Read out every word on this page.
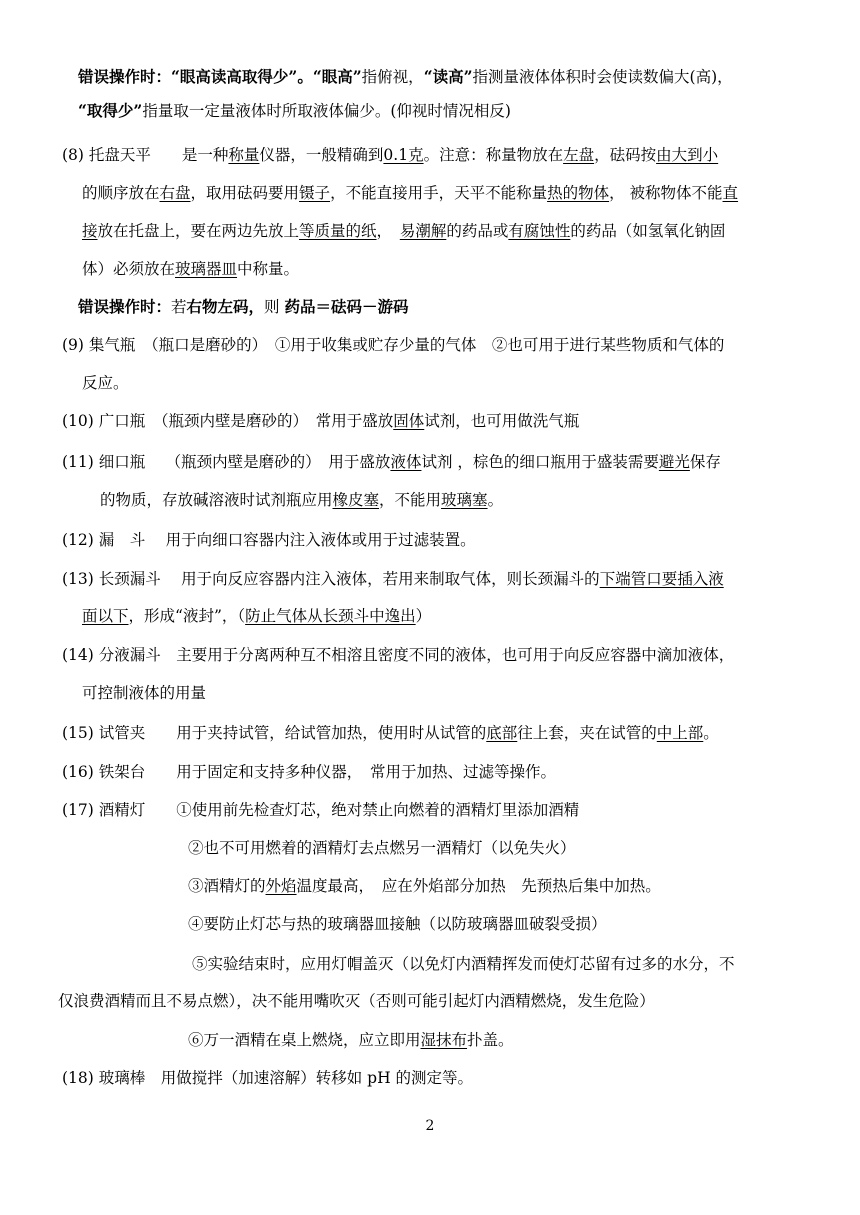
错误操作时：“眼高读高取得少”。“眼高”指俯视，“读高”指测量液体体积时会使读数偏大(高)，
“取得少”指量取一定量液体时所取液体偏少。(仰视时情况相反)
(8) 托盘天平　　是一种称量仪器，一般精确到0.1克。注意：称量物放在左盘，砝码按由大到小
的顺序放在右盘，取用砝码要用镊子，不能直接用手，天平不能称量热的物体， 被称物体不能直
接放在托盘上，要在两边先放上等质量的纸，　易潮解的药品或有腐蚀性的药品（如氢氧化钠固
体）必须放在玻璃器皿中称量。
错误操作时：若右物左码，则 药品＝砝码－游码
(9) 集气瓶　（瓶口是磨砂的）　①用于收集或贮存少量的气体　②也可用于进行某些物质和气体的
反应。
(10) 广口瓶　（瓶颈内壁是磨砂的）　常用于盛放固体试剂，也可用做洗气瓶
(11) 细口瓶　 （瓶颈内壁是磨砂的）　用于盛放液体试剂 ，棕色的细口瓶用于盛装需要避光保存
的物质，存放碱溶液时试剂瓶应用橡皮塞，不能用玻璃塞。
(12) 漏　斗　 用于向细口容器内注入液体或用于过滤装置。
(13) 长颈漏斗　 用于向反应容器内注入液体，若用来制取气体，则长颈漏斗的下端管口要插入液
面以下，形成“液封”，（防止气体从长颈斗中逸出）
(14) 分液漏斗　主要用于分离两种互不相溶且密度不同的液体，也可用于向反应容器中滴加液体，
可控制液体的用量
(15) 试管夹　　用于夹持试管，给试管加热，使用时从试管的底部往上套，夹在试管的中上部。
(16) 铁架台　　用于固定和支持多种仪器，　常用于加热、过滤等操作。
(17) 酒精灯　　①使用前先检查灯芯，绝对禁止向燃着的酒精灯里添加酒精
②也不可用燃着的酒精灯去点燃另一酒精灯（以免失火）
③酒精灯的外焰温度最高，　应在外焰部分加热　先预热后集中加热。
④要防止灯芯与热的玻璃器皿接触（以防玻璃器皿破裂受损）
⑤实验结束时，应用灯帽盖灭（以免灯内酒精挥发而使灯芯留有过多的水分，不
仅浪费酒精而且不易点燃），决不能用嘴吹灭（否则可能引起灯内酒精燃烧，发生危险）
⑥万一酒精在桌上燃烧，应立即用湿抹布扑盖。
(18) 玻璃棒　用做搅拌（加速溶解）转移如 pH 的测定等。
2
